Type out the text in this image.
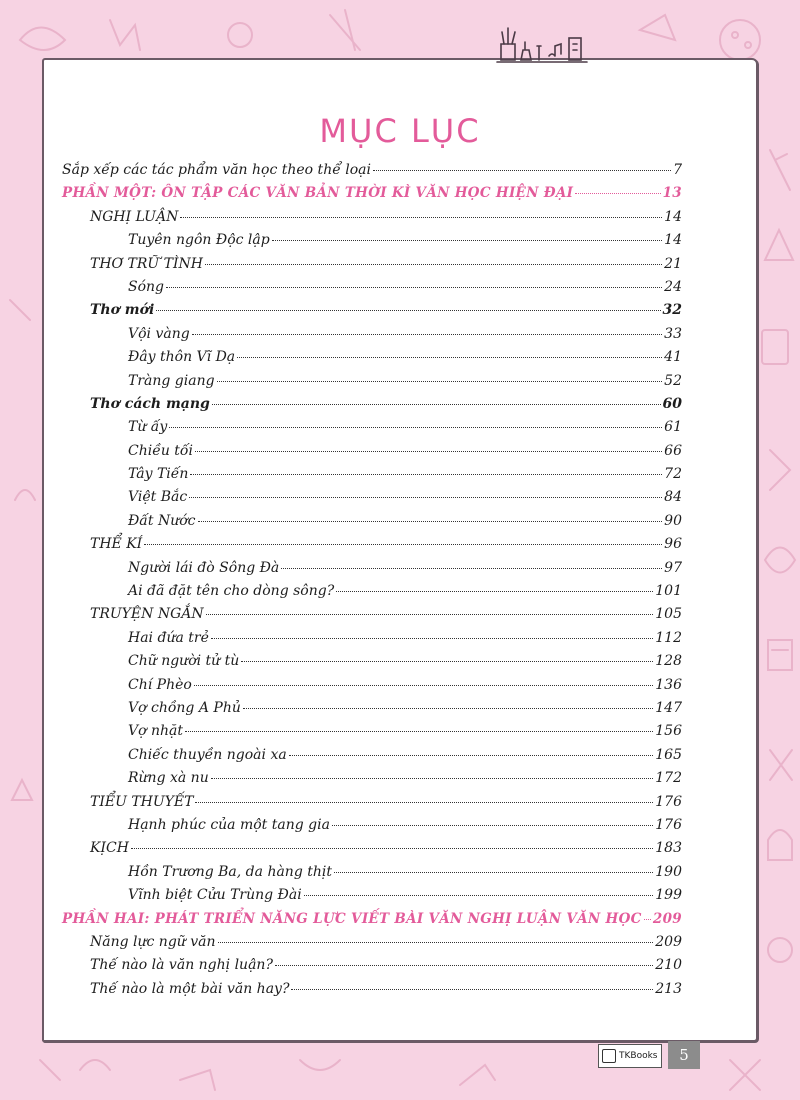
MỤC LỤC
Sắp xếp các tác phẩm văn học theo thể loại	7
PHẦN MỘT: ÔN TẬP CÁC VĂN BẢN THỜI KÌ VĂN HỌC HIỆN ĐẠI	13
NGHỊ LUẬN	14
Tuyên ngôn Độc lập	14
THƠ TRỮ TÌNH	21
Sóng	24
Thơ mới	32
Vội vàng	33
Đây thôn Vĩ Dạ	41
Tràng giang	52
Thơ cách mạng	60
Từ ấy	61
Chiều tối	66
Tây Tiến	72
Việt Bắc	84
Đất Nước	90
THỂ KÍ	96
Người lái đò Sông Đà	97
Ai đã đặt tên cho dòng sông?	101
TRUYỆN NGẮN	105
Hai đứa trẻ	112
Chữ người tử tù	128
Chí Phèo	136
Vợ chồng A Phủ	147
Vợ nhặt	156
Chiếc thuyền ngoài xa	165
Rừng xà nu	172
TIỂU THUYẾT	176
Hạnh phúc của một tang gia	176
KỊCH	183
Hồn Trương Ba, da hàng thịt	190
Vĩnh biệt Cửu Trùng Đài	199
PHẦN HAI: PHÁT TRIỂN NĂNG LỰC VIẾT BÀI VĂN NGHỊ LUẬN VĂN HỌC 209
Năng lực ngữ văn	209
Thế nào là văn nghị luận?	210
Thế nào là một bài văn hay?	213
TKBooks	5
